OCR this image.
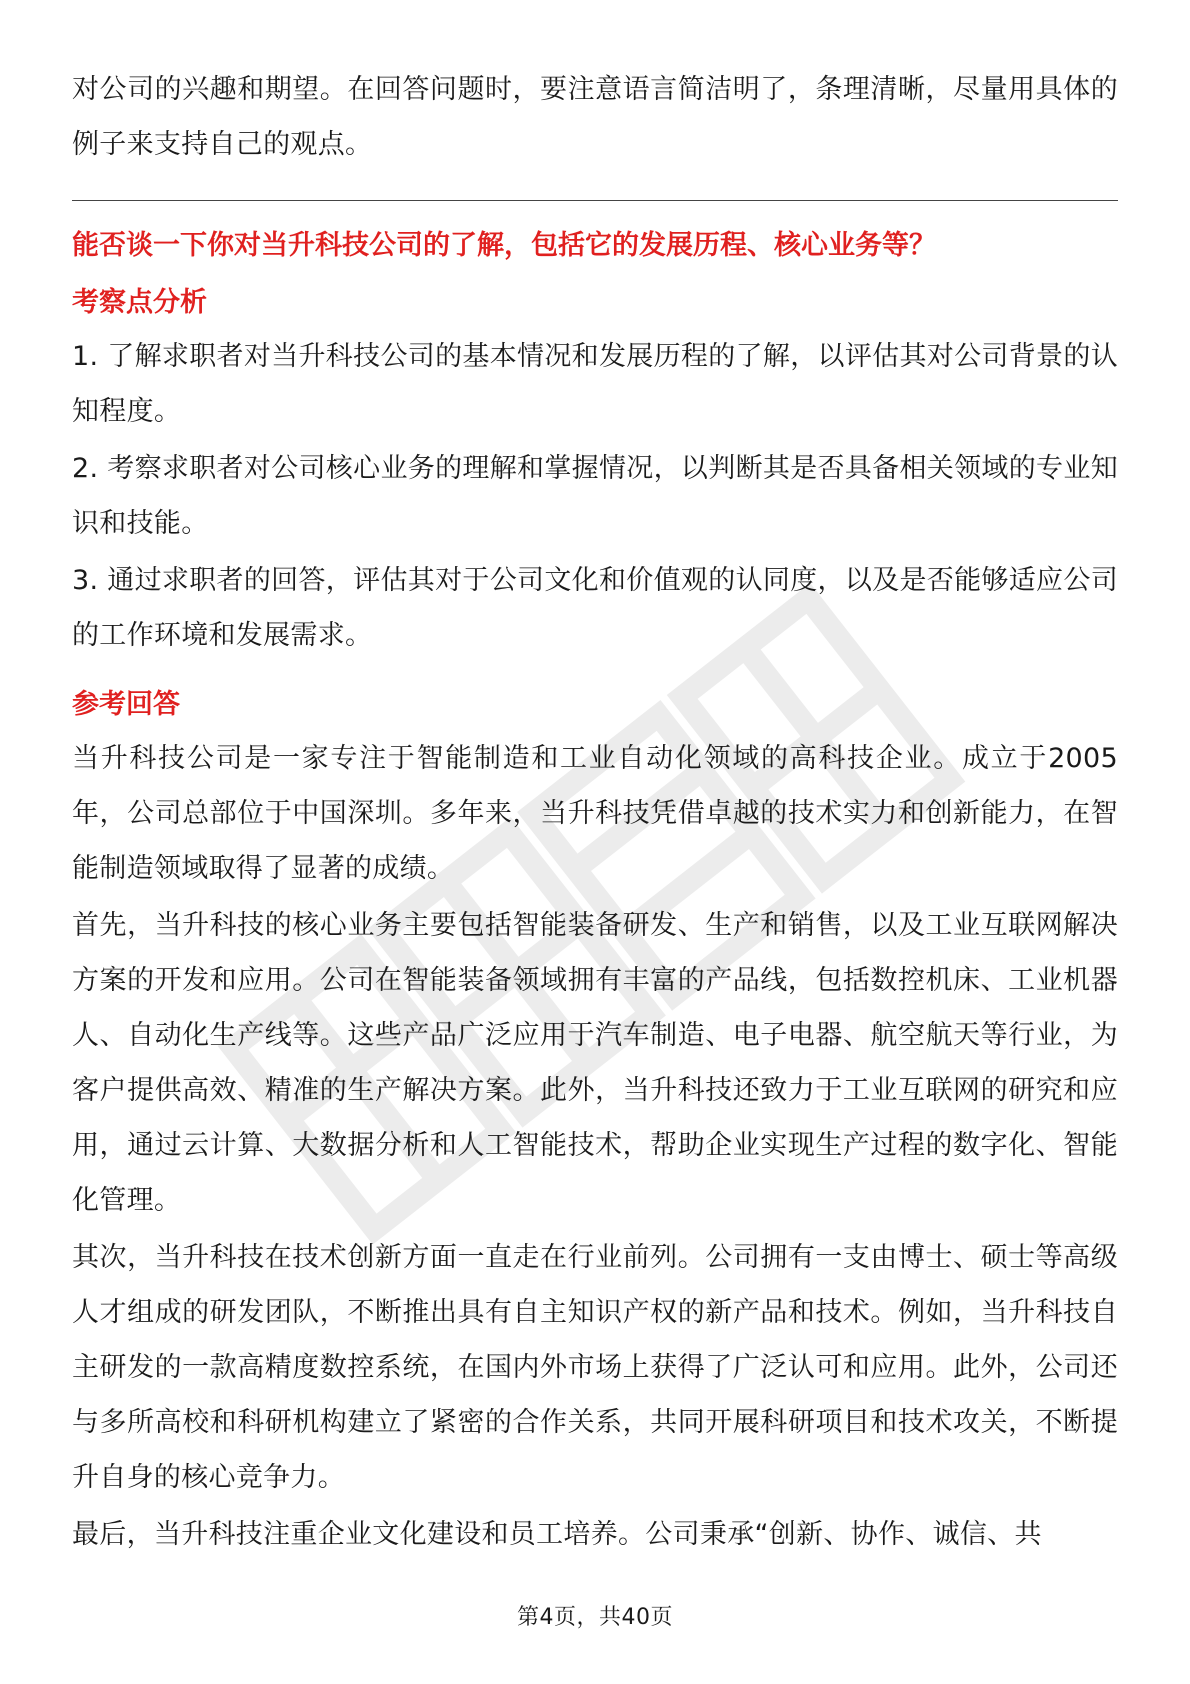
对公司的兴趣和期望。在回答问题时，要注意语言简洁明了，条理清晰，尽量用具体的例子来支持自己的观点。

能否谈一下你对当升科技公司的了解，包括它的发展历程、核心业务等？

考察点分析

1. 了解求职者对当升科技公司的基本情况和发展历程的了解，以评估其对公司背景的认知程度。

2. 考察求职者对公司核心业务的理解和掌握情况，以判断其是否具备相关领域的专业知识和技能。

3. 通过求职者的回答，评估其对于公司文化和价值观的认同度，以及是否能够适应公司的工作环境和发展需求。

参考回答

当升科技公司是一家专注于智能制造和工业自动化领域的高科技企业。成立于2005年，公司总部位于中国深圳。多年来，当升科技凭借卓越的技术实力和创新能力，在智能制造领域取得了显著的成绩。

首先，当升科技的核心业务主要包括智能装备研发、生产和销售，以及工业互联网解决方案的开发和应用。公司在智能装备领域拥有丰富的产品线，包括数控机床、工业机器人、自动化生产线等。这些产品广泛应用于汽车制造、电子电器、航空航天等行业，为客户提供高效、精准的生产解决方案。此外，当升科技还致力于工业互联网的研究和应用，通过云计算、大数据分析和人工智能技术，帮助企业实现生产过程的数字化、智能化管理。

其次，当升科技在技术创新方面一直走在行业前列。公司拥有一支由博士、硕士等高级人才组成的研发团队，不断推出具有自主知识产权的新产品和技术。例如，当升科技自主研发的一款高精度数控系统，在国内外市场上获得了广泛认可和应用。此外，公司还与多所高校和科研机构建立了紧密的合作关系，共同开展科研项目和技术攻关，不断提升自身的核心竞争力。

最后，当升科技注重企业文化建设和员工培养。公司秉承“创新、协作、诚信、共

第4页，共40页
